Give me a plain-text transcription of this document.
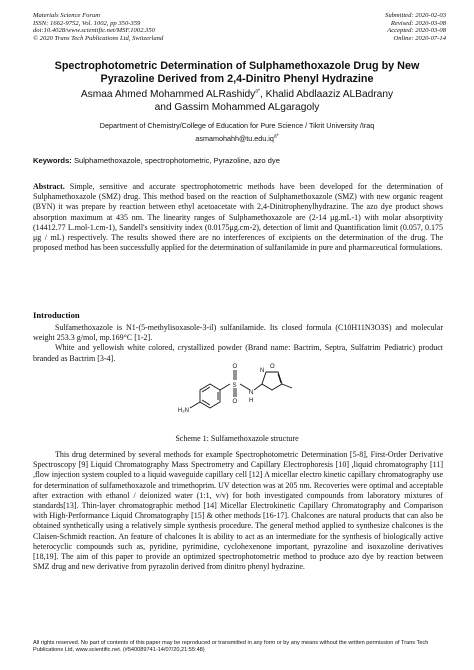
Materials Science Forum
ISSN: 1662-9752, Vol. 1002, pp 350-359
doi:10.4028/www.scientific.net/MSF.1002.350
© 2020 Trans Tech Publications Ltd, Switzerland
Submitted: 2020-02-03
Revised: 2020-03-08
Accepted: 2020-03-08
Online: 2020-07-14
Spectrophotometric Determination of Sulphamethoxazole Drug by New
Pyrazoline Derived from 2,4-Dinitro Phenyl Hydrazine
Asmaa Ahmed Mohammed ALRashidy$^{a*}$, Khalid Abdlaaziz ALBadrany
and Gassim Mohammed ALgaragoly
Department of Chemistry/College of Education for Pure Science / Tikrit University /Iraq
$asmamohahh@tu.edu.iq^{a*}$
Keywords: Sulphamethoxazole, spectrophotometric, Pyrazoline, azo dye
Abstract. Simple, sensitive and accurate spectrophotometric methods have been developed for the determination of Sulphamethoxazole (SMZ) drug. This method based on the reaction of Sulphamethoxazole (SMZ) with new organic reagent (BYN) it was prepare by reaction between ethyl acetoacetate with 2,4-Dinitrophenylhydrazine. The azo dye product shows absorption maximum at 435 nm. The linearity ranges of Sulphamethoxazole are (2-14 μg.mL-1) with molar absorptivity (14412.77 L.mol-1.cm-1), Sandell's sensitivity index (0.0175μg.cm-2), detection of limit and Quantification limit (0.057, 0.175 μg / mL) respectively. The results showed there are no interferences of excipients on the determination of the drug. The proposed method has been successfully applied for the determination of sulfanilamide in pure and pharmaceutical formulations.
Introduction

Sulfamethoxazole is N1-(5-methylisoxasole-3-il) sulfanilamide. Its closed formula (C10H11N3O3S) and molecular weight 253.3 g/mol, mp.169°C [1-2].

White and yellowish white colored, crystallized powder (Brand name: Bactrim, Septra, Sulfatrim Pediatric) product branded as Bactrim [3-4].

H₂N
S
O
O
N
H
N
O
Scheme 1: Sulfamethoxazole structure
This drug determined by several methods for example Spectrophotometric Determination [5-8], First-Order Derivative Spectroscopy [9] Liquid Chromatography Mass Spectrometry and Capillary Electrophoresis [10] ,liquid chromatography [11] ,flow injection system coupled to a liquid waveguide capillary cell [12] A micellar electro kinetic capillary chromatography use for determination of sulfamethoxazole and trimethoprim. UV detection was at 205 nm. Recoveries were optimal and acceptable after extraction with ethanol / deionized water (1:1, v/v) for both investigated compounds from laboratory mixtures of standards[13]. Thin-layer chromatographic method [14] Micellar Electrokinetic Capillary Chromatography and Comparison with High-Performance Liquid Chromatography [15] & other methods [16-17]. Chalcones are natural products that can also be obtained synthetically using a relatively simple synthesis procedure. The general method applied to synthesize chalcones is the Claisen-Schmidt reaction. An feature of chalcones It is ability to act as an intermediate for the synthesis of biologically active heterocyclic compounds such as, pyridine, pyrimidine, cyclohexenone important, pyrazoline and isoxazoline derivatives [18,19]. The aim of this paper to provide an optimized spectrophotometric method to produce azo dye by reaction between SMZ drug and new derivative from pyrazolin derived from dinitro phenyl hydrazine.
All rights reserved. No part of contents of this paper may be reproduced or transmitted in any form or by any means without the written permission of Trans Tech Publications Ltd, www.scientific.net. (#540089741-14/07/20,21:55:48)
